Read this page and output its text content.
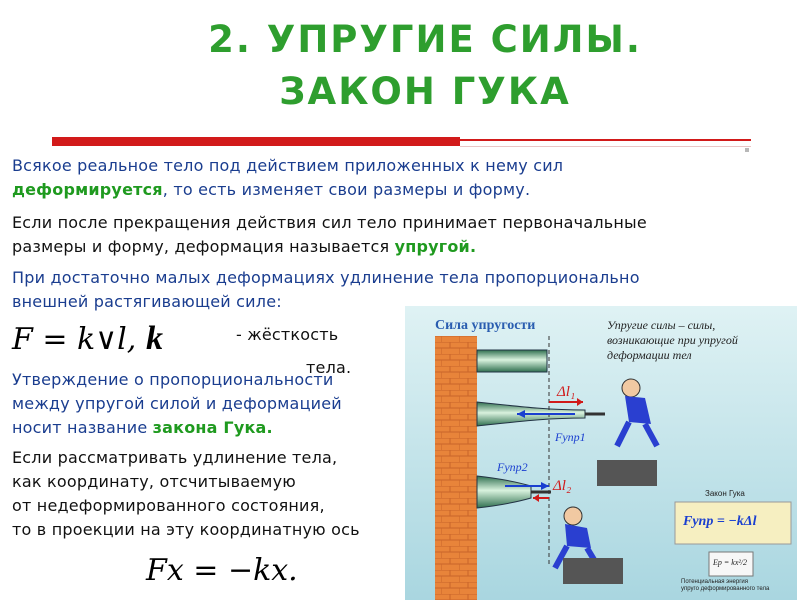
2. УПРУГИЕ СИЛЫ.
ЗАКОН ГУКА
Всякое реальное тело под действием приложенных к нему сил
деформируется, то есть изменяет свои размеры и форму.
Если после прекращения действия сил тело принимает первоначальные
размеры и форму, деформация называется упругой.
При достаточно малых деформациях удлинение тела пропорционально
внешней растягивающей силе:
F = k∨l, k	- жёсткость
тела.
Утверждение о пропорциональности
между упругой силой и деформацией
носит название закона Гука.
Если рассматривать удлинение тела,
как координату, отсчитываемую
от недеформированного состояния,
то в проекции на эту координатную ось
Fx = −kx.
Сила упругости	Упругие силы – силы,
возникающие при упругой
деформации тел
Δl₁
Fупр1
Fупр2
Δl₂	Закон Гука
Fупр = −kΔl
Ep = kx²/2
Потенциальная энергия
упруго деформированного тела
